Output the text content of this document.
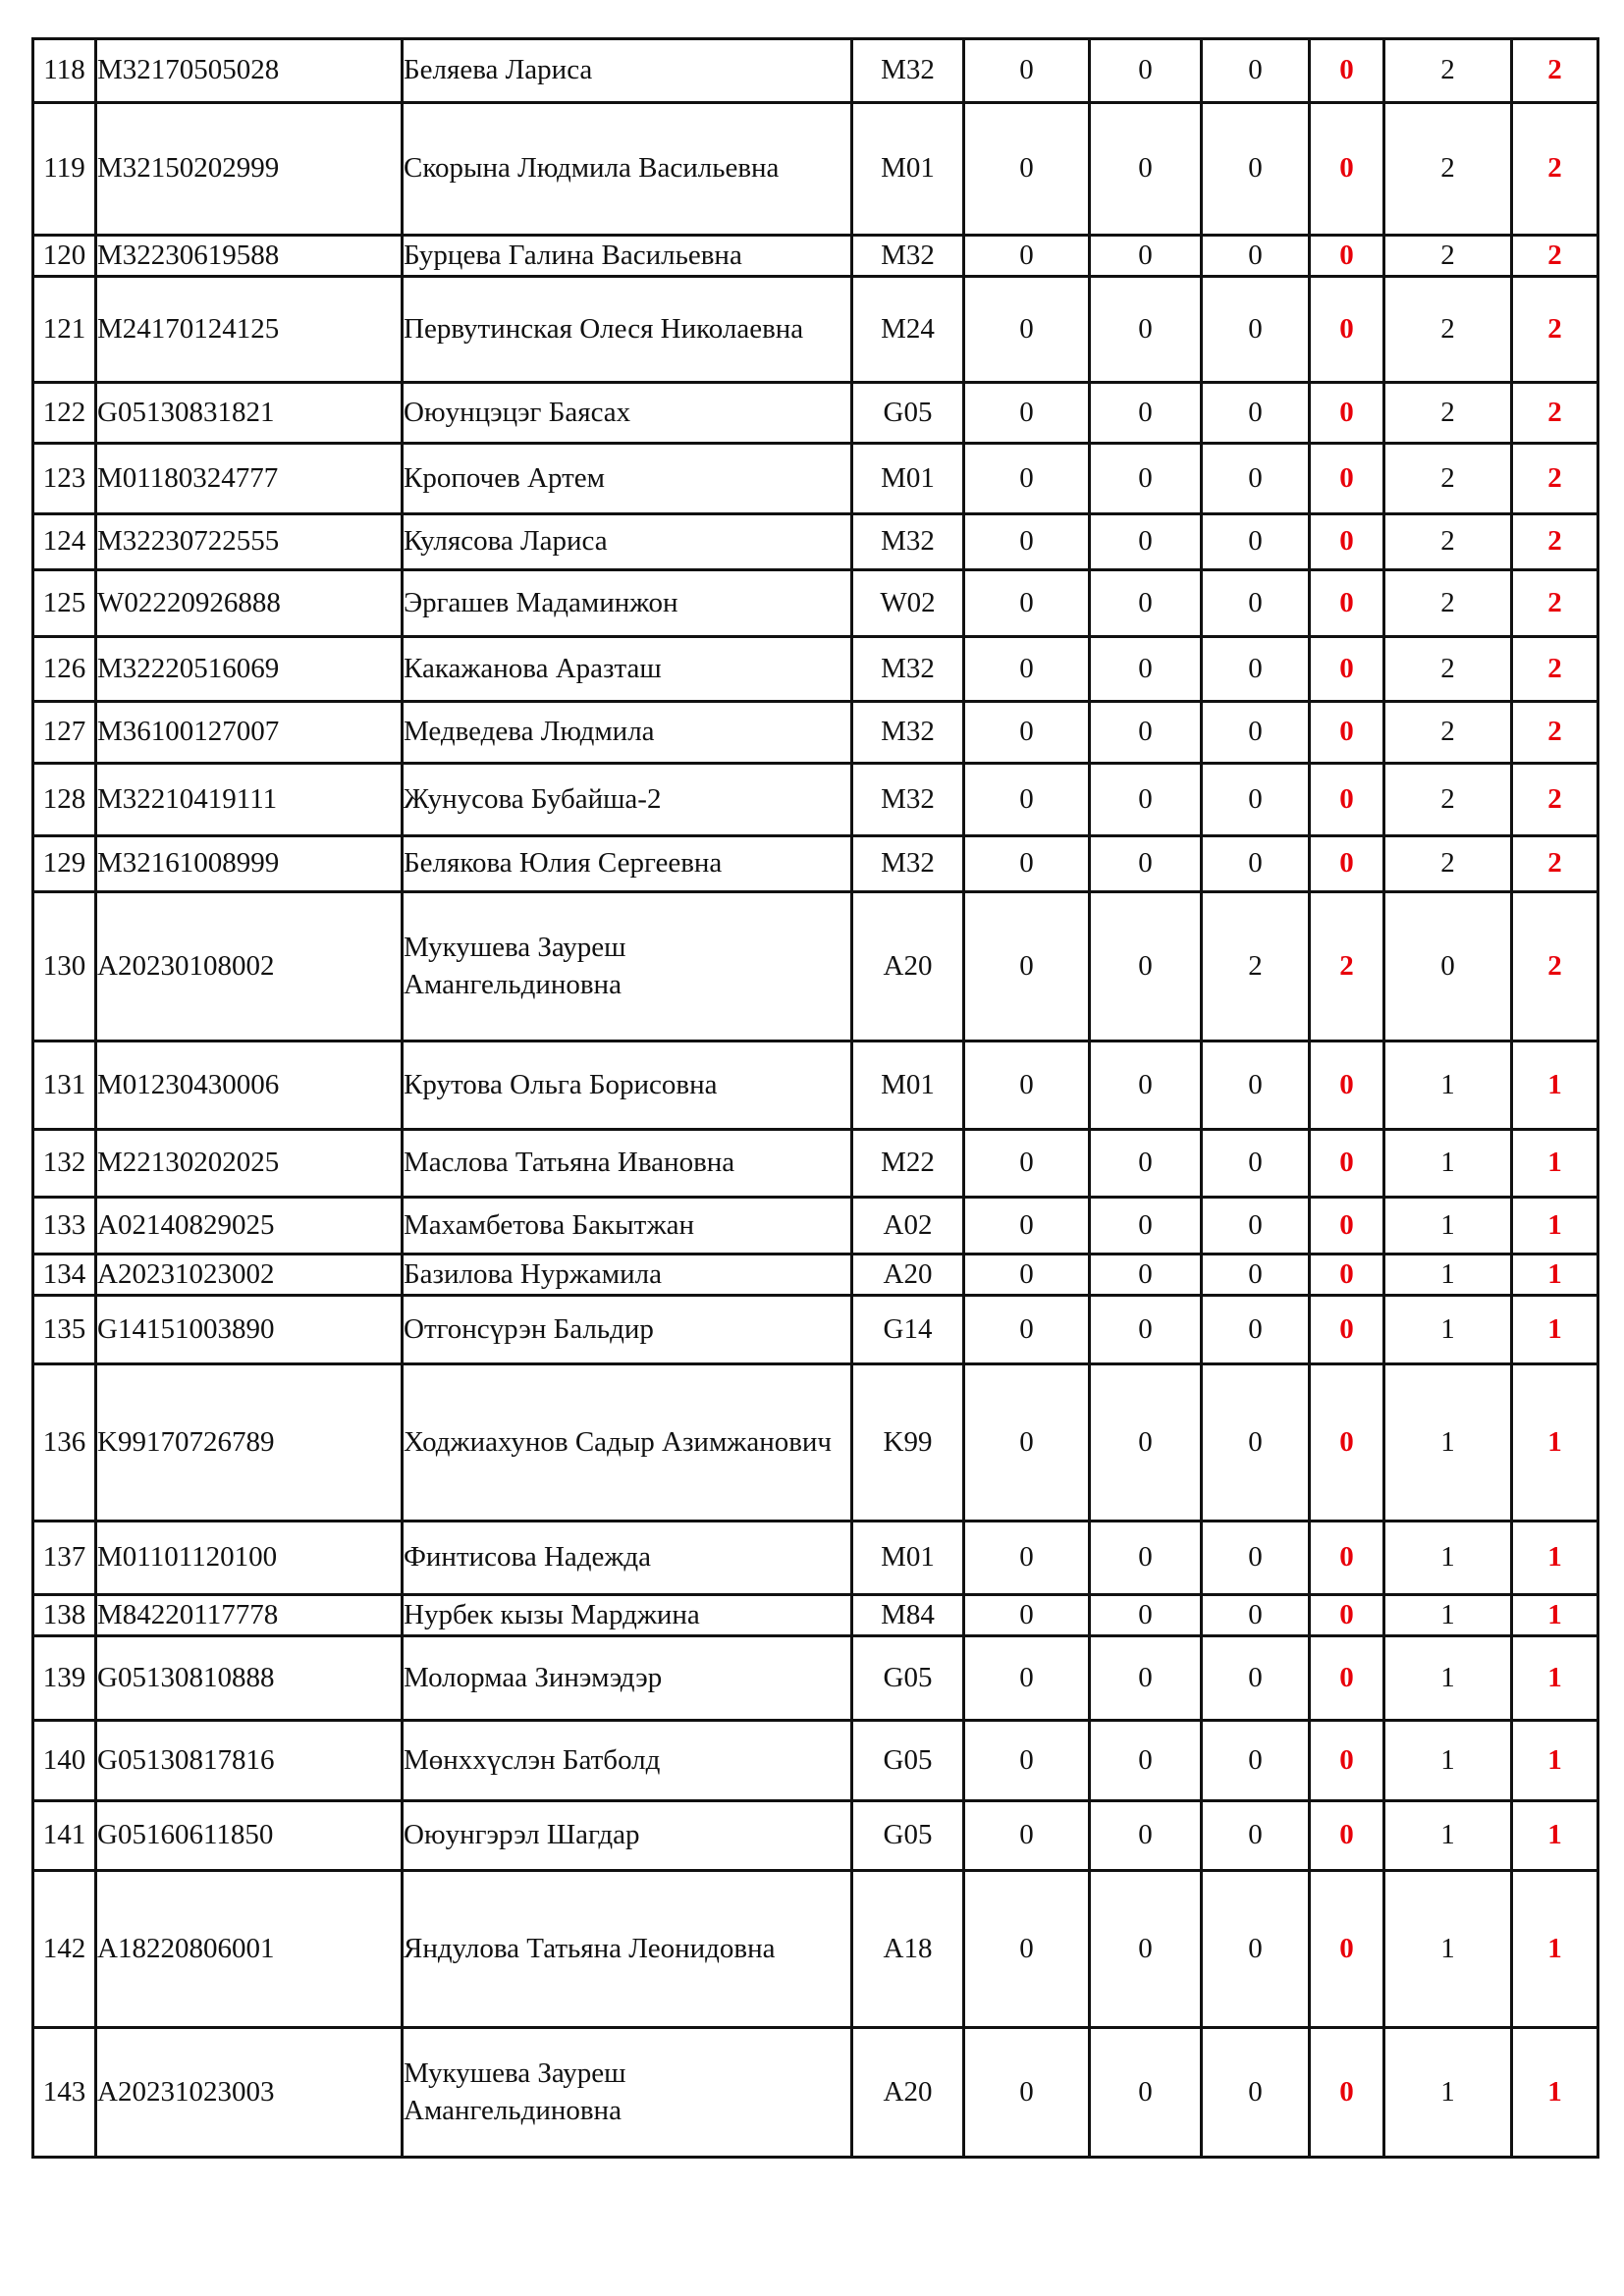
118	M32170505028	Беляева Лариса	M32	0	0	0	0	2	2
119	M32150202999	Скорына Людмила Васильевна	M01	0	0	0	0	2	2
120	M32230619588	Бурцева Галина Васильевна	M32	0	0	0	0	2	2
121	M24170124125	Первутинская Олеся Николаевна	M24	0	0	0	0	2	2
122	G05130831821	Оюунцэцэг Баясах	G05	0	0	0	0	2	2
123	M01180324777	Кропочев Артем	M01	0	0	0	0	2	2
124	M32230722555	Кулясова Лариса	M32	0	0	0	0	2	2
125	W02220926888	Эргашев Мадаминжон	W02	0	0	0	0	2	2
126	M32220516069	Какажанова Аразташ	M32	0	0	0	0	2	2
127	M36100127007	Медведева Людмила	M32	0	0	0	0	2	2
128	M32210419111	Жунусова Бубайша-2	M32	0	0	0	0	2	2
129	M32161008999	Белякова Юлия Сергеевна	M32	0	0	0	0	2	2
130	A20230108002	Мукушева Зауреш Амангельдиновна	A20	0	0	2	2	0	2
131	M01230430006	Крутова Ольга Борисовна	M01	0	0	0	0	1	1
132	M22130202025	Маслова Татьяна Ивановна	M22	0	0	0	0	1	1
133	A02140829025	Махамбетова Бакытжан	A02	0	0	0	0	1	1
134	A20231023002	Базилова Нуржамила	A20	0	0	0	0	1	1
135	G14151003890	Отгонсүрэн Бальдир	G14	0	0	0	0	1	1
136	K99170726789	Ходжиахунов Садыр Азимжанович	K99	0	0	0	0	1	1
137	M01101120100	Финтисова Надежда	M01	0	0	0	0	1	1
138	M84220117778	Нурбек кызы Марджина	M84	0	0	0	0	1	1
139	G05130810888	Молормаа Зинэмэдэр	G05	0	0	0	0	1	1
140	G05130817816	Мөнххүслэн Батболд	G05	0	0	0	0	1	1
141	G05160611850	Оюунгэрэл Шагдар	G05	0	0	0	0	1	1
142	A18220806001	Яндулова Татьяна Леонидовна	A18	0	0	0	0	1	1
143	A20231023003	Мукушева Зауреш Амангельдиновна	A20	0	0	0	0	1	1
